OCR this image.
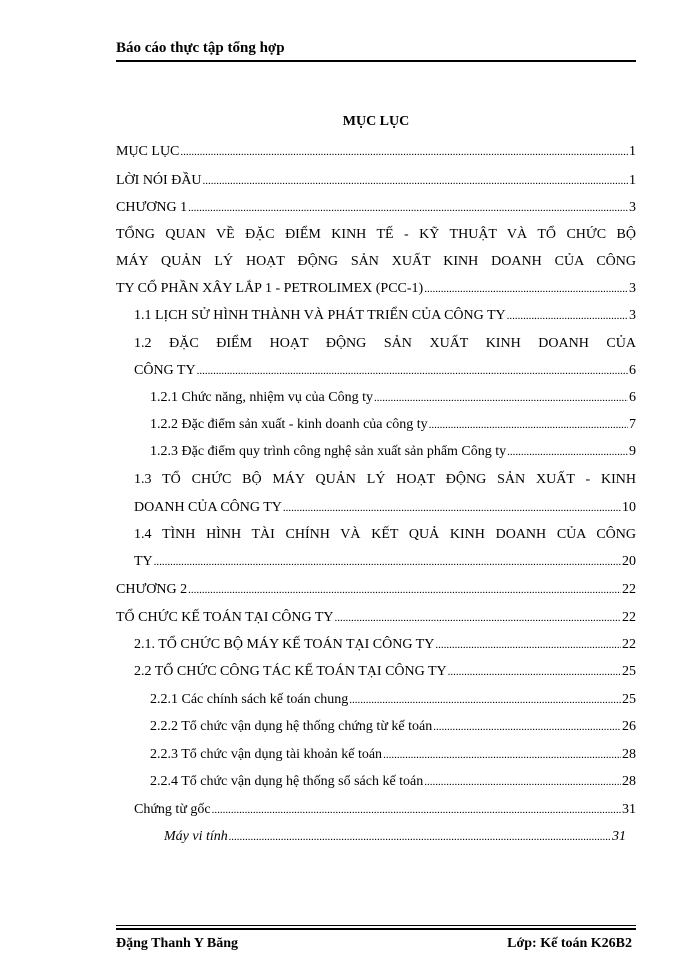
Báo cáo thực tập tổng hợp
MỤC LỤC
MỤC LỤC .....	1
LỜI NÓI ĐẦU .....	1
CHƯƠNG 1 .....	3
TỔNG QUAN VỀ ĐẶC ĐIỂM KINH TẾ - KỸ THUẬT VÀ TỔ CHỨC BỘ
MÁY QUẢN LÝ HOẠT ĐỘNG SẢN XUẤT KINH DOANH CỦA CÔNG
TY CỔ PHẦN XÂY LẮP 1 - PETROLIMEX (PCC-1) .....	3
1.1 LỊCH SỬ HÌNH THÀNH VÀ PHÁT TRIỂN CỦA CÔNG TY .....	3
1.2 ĐẶC ĐIỂM HOẠT ĐỘNG SẢN XUẤT KINH DOANH CỦA
CÔNG TY .....	6
1.2.1 Chức năng, nhiệm vụ của Công ty .....	6
1.2.2 Đặc điểm sản xuất - kinh doanh của công ty .....	7
1.2.3 Đặc điểm quy trình công nghệ sản xuất sản phẩm Công ty .....	9
1.3 TỔ CHỨC BỘ MÁY QUẢN LÝ HOẠT ĐỘNG SẢN XUẤT - KINH
DOANH CỦA CÔNG TY .....	10
1.4 TÌNH HÌNH TÀI CHÍNH VÀ KẾT QUẢ KINH DOANH CỦA CÔNG
TY .....	20
CHƯƠNG 2 .....	22
TỔ CHỨC KẾ TOÁN TẠI CÔNG TY .....	22
2.1. TỔ CHỨC BỘ MÁY KẾ TOÁN TẠI CÔNG TY .....	22
2.2 TỔ CHỨC CÔNG TÁC KẾ TOÁN TẠI CÔNG TY .....	25
2.2.1 Các chính sách kế toán chung .....	25
2.2.2 Tổ chức vận dụng hệ thống chứng từ kế toán .....	26
2.2.3 Tổ chức vận dụng tài khoản kế toán .....	28
2.2.4 Tổ chức vận dụng hệ thống sổ sách kế toán .....	28
Chứng từ gốc .....	31
Máy vi tính .....	31
Đặng Thanh Y Băng	Lớp: Kế toán K26B2
